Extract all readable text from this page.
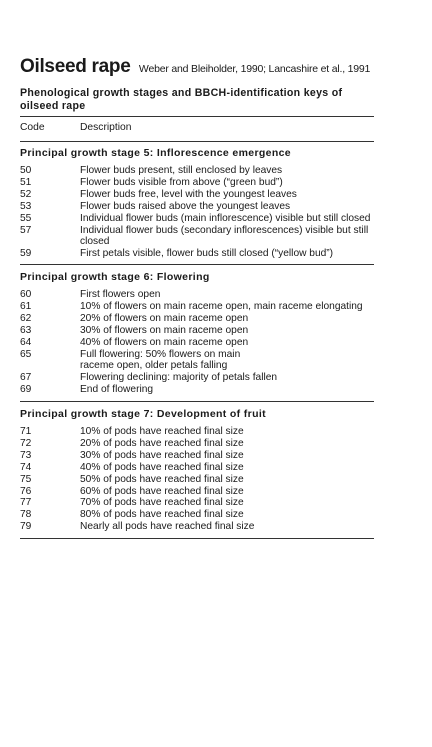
Oilseed rape Weber and Bleiholder, 1990; Lancashire et al., 1991
Phenological growth stages and BBCH-identification keys of oilseed rape
Code	Description
Principal growth stage 5: Inflorescence emergence
50	Flower buds present, still enclosed by leaves
51	Flower buds visible from above (“green bud”)
52	Flower buds free, level with the youngest leaves
53	Flower buds raised above the youngest leaves
55	Individual flower buds (main inflorescence) visible but still closed
57	Individual flower buds (secondary inflorescences) visible but still closed
59	First petals visible, flower buds still closed (“yellow bud”)
Principal growth stage 6: Flowering
60	First flowers open
61	10% of flowers on main raceme open, main raceme elongating
62	20% of flowers on main raceme open
63	30% of flowers on main raceme open
64	40% of flowers on main raceme open
65	Full flowering: 50% flowers on main raceme open, older petals falling
67	Flowering declining: majority of petals fallen
69	End of flowering
Principal growth stage 7: Development of fruit
71	10% of pods have reached final size
72	20% of pods have reached final size
73	30% of pods have reached final size
74	40% of pods have reached final size
75	50% of pods have reached final size
76	60% of pods have reached final size
77	70% of pods have reached final size
78	80% of pods have reached final size
79	Nearly all pods have reached final size
